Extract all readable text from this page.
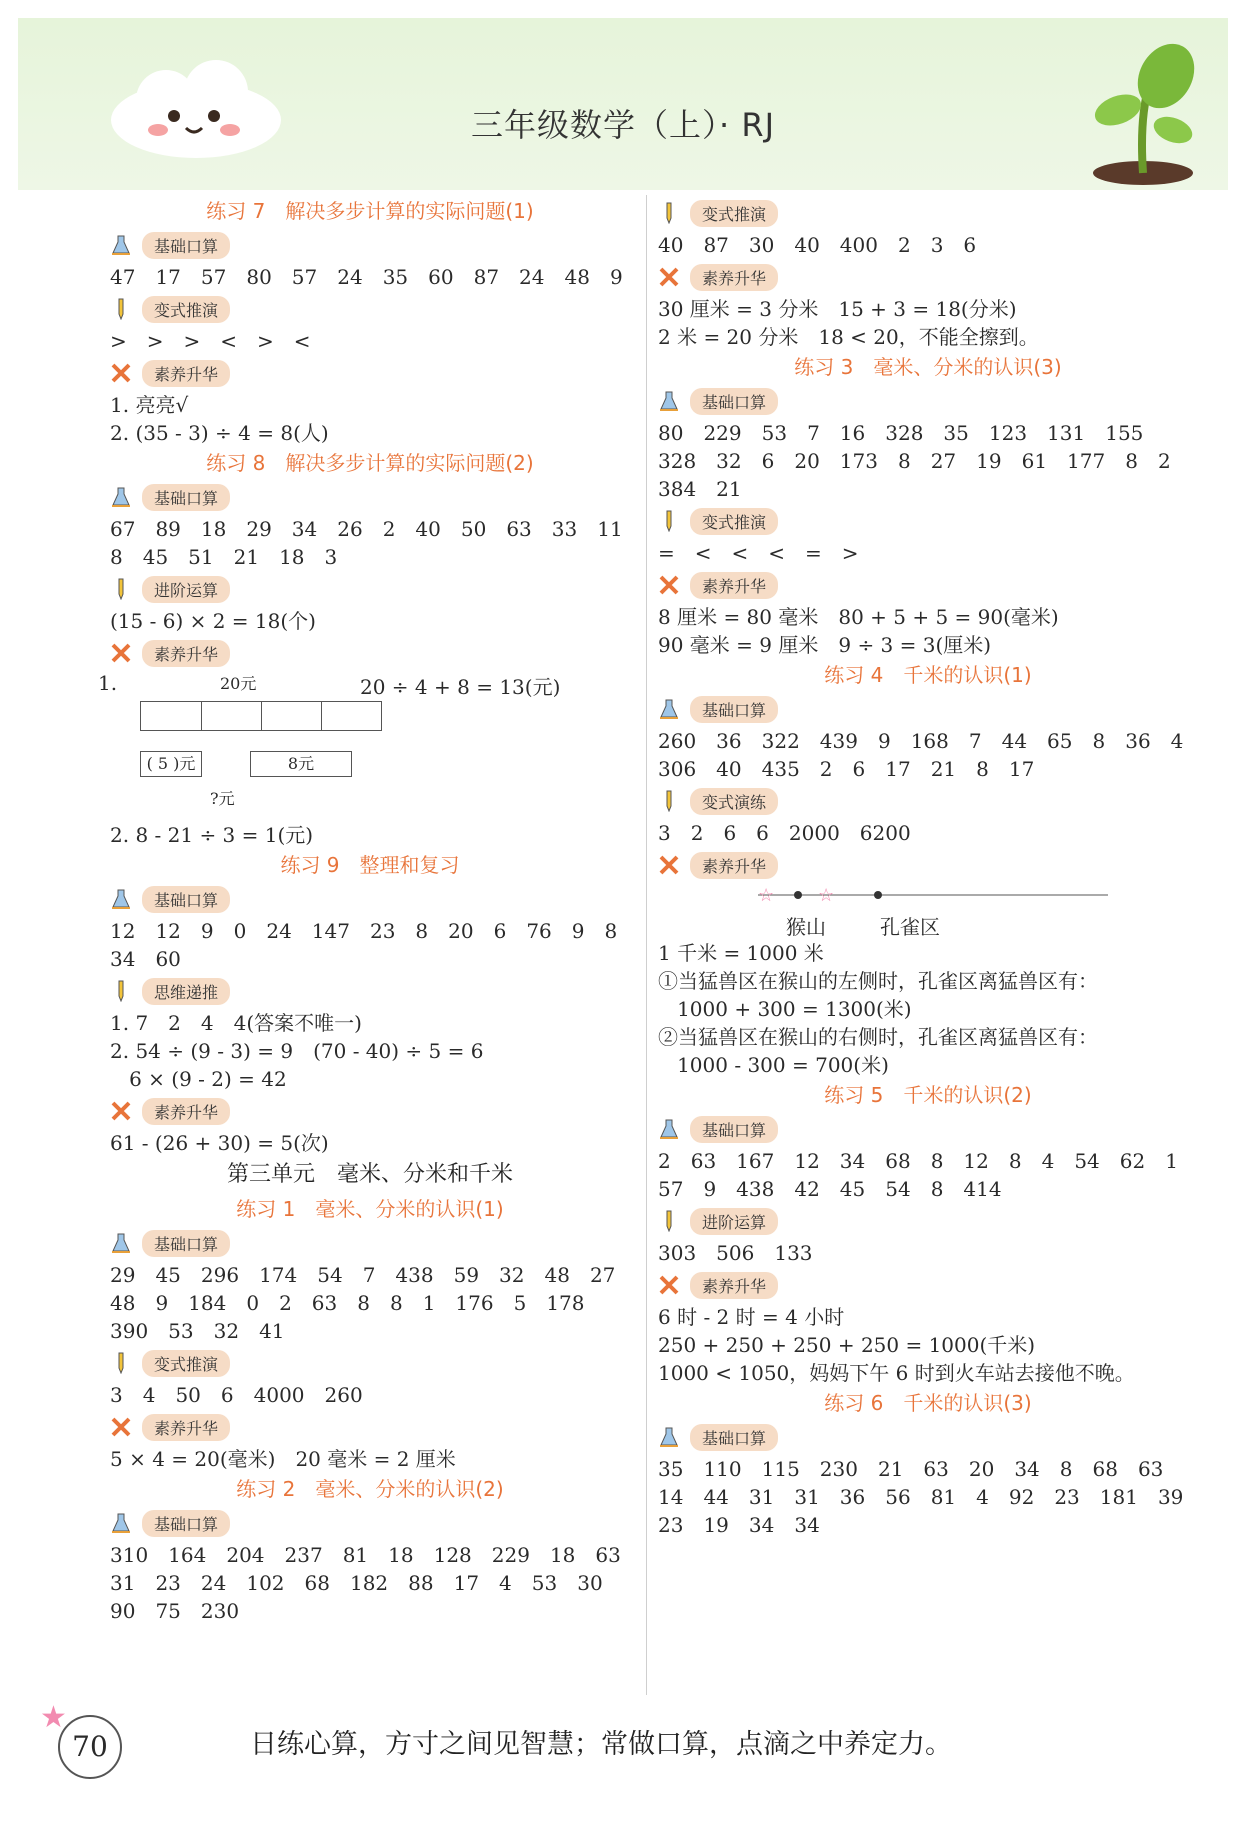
三年级数学（上）· RJ
练习 7　解决多步计算的实际问题(1)
基础口算
47　17　57　80　57　24　35　60　87　24　48　9
变式推演
>　>　>　<　>　<
素养升华
1. 亮亮√
2. (35 - 3) ÷ 4 = 8(人)
练习 8　解决多步计算的实际问题(2)
基础口算
67　89　18　29　34　26　2　40　50　63　33　11
8　45　51　21　18　3
进阶运算
(15 - 6) × 2 = 18(个)
素养升华
1.	20元	20 ÷ 4 + 8 = 13(元)
( 5 )元	8元
?元
2. 8 - 21 ÷ 3 = 1(元)
练习 9　整理和复习
基础口算
12　12　9　0　24　147　23　8　20　6　76　9　8
34　60
思维递推
1. 7　2　4　4(答案不唯一)
2. 54 ÷ (9 - 3) = 9　(70 - 40) ÷ 5 = 6
6 × (9 - 2) = 42
素养升华
61 - (26 + 30) = 5(次)
第三单元　毫米、分米和千米
练习 1　毫米、分米的认识(1)
基础口算
29　45　296　174　54　7　438　59　32　48　27
48　9　184　0　2　63　8　8　1　176　5　178
390　53　32　41
变式推演
3　4　50　6　4000　260
素养升华
5 × 4 = 20(毫米)　20 毫米 = 2 厘米
练习 2　毫米、分米的认识(2)
基础口算
310　164　204　237　81　18　128　229　18　63
31　23　24　102　68　182　88　17　4　53　30
90　75　230
变式推演
40　87　30　40　400　2　3　6
素养升华
30 厘米 = 3 分米　15 + 3 = 18(分米)
2 米 = 20 分米　18 < 20，不能全擦到。
练习 3　毫米、分米的认识(3)
基础口算
80　229　53　7　16　328　35　123　131　155
328　32　6　20　173　8　27　19　61　177　8　2
384　21
变式推演
=　<　<　<　=　>
素养升华
8 厘米 = 80 毫米　80 + 5 + 5 = 90(毫米)
90 毫米 = 9 厘米　9 ÷ 3 = 3(厘米)
练习 4　千米的认识(1)
基础口算
260　36　322　439　9　168　7　44　65　8　36　4
306　40　435　2　6　17　21　8　17
变式演练
3　2　6　6　2000　6200
素养升华
☆ ☆
猴山	孔雀区
1 千米 = 1000 米
①当猛兽区在猴山的左侧时，孔雀区离猛兽区有：
1000 + 300 = 1300(米)
②当猛兽区在猴山的右侧时，孔雀区离猛兽区有：
1000 - 300 = 700(米)
练习 5　千米的认识(2)
基础口算
2　63　167　12　34　68　8　12　8　4　54　62　1
57　9　438　42　45　54　8　414
进阶运算
303　506　133
素养升华
6 时 - 2 时 = 4 小时
250 + 250 + 250 + 250 = 1000(千米)
1000 < 1050，妈妈下午 6 时到火车站去接他不晚。
练习 6　千米的认识(3)
基础口算
35　110　115　230　21　63　20　34　8　68　63
14　44　31　31　36　56　81　4　92　23　181　39
23　19　34　34
★
70	日练心算，方寸之间见智慧；常做口算，点滴之中养定力。
